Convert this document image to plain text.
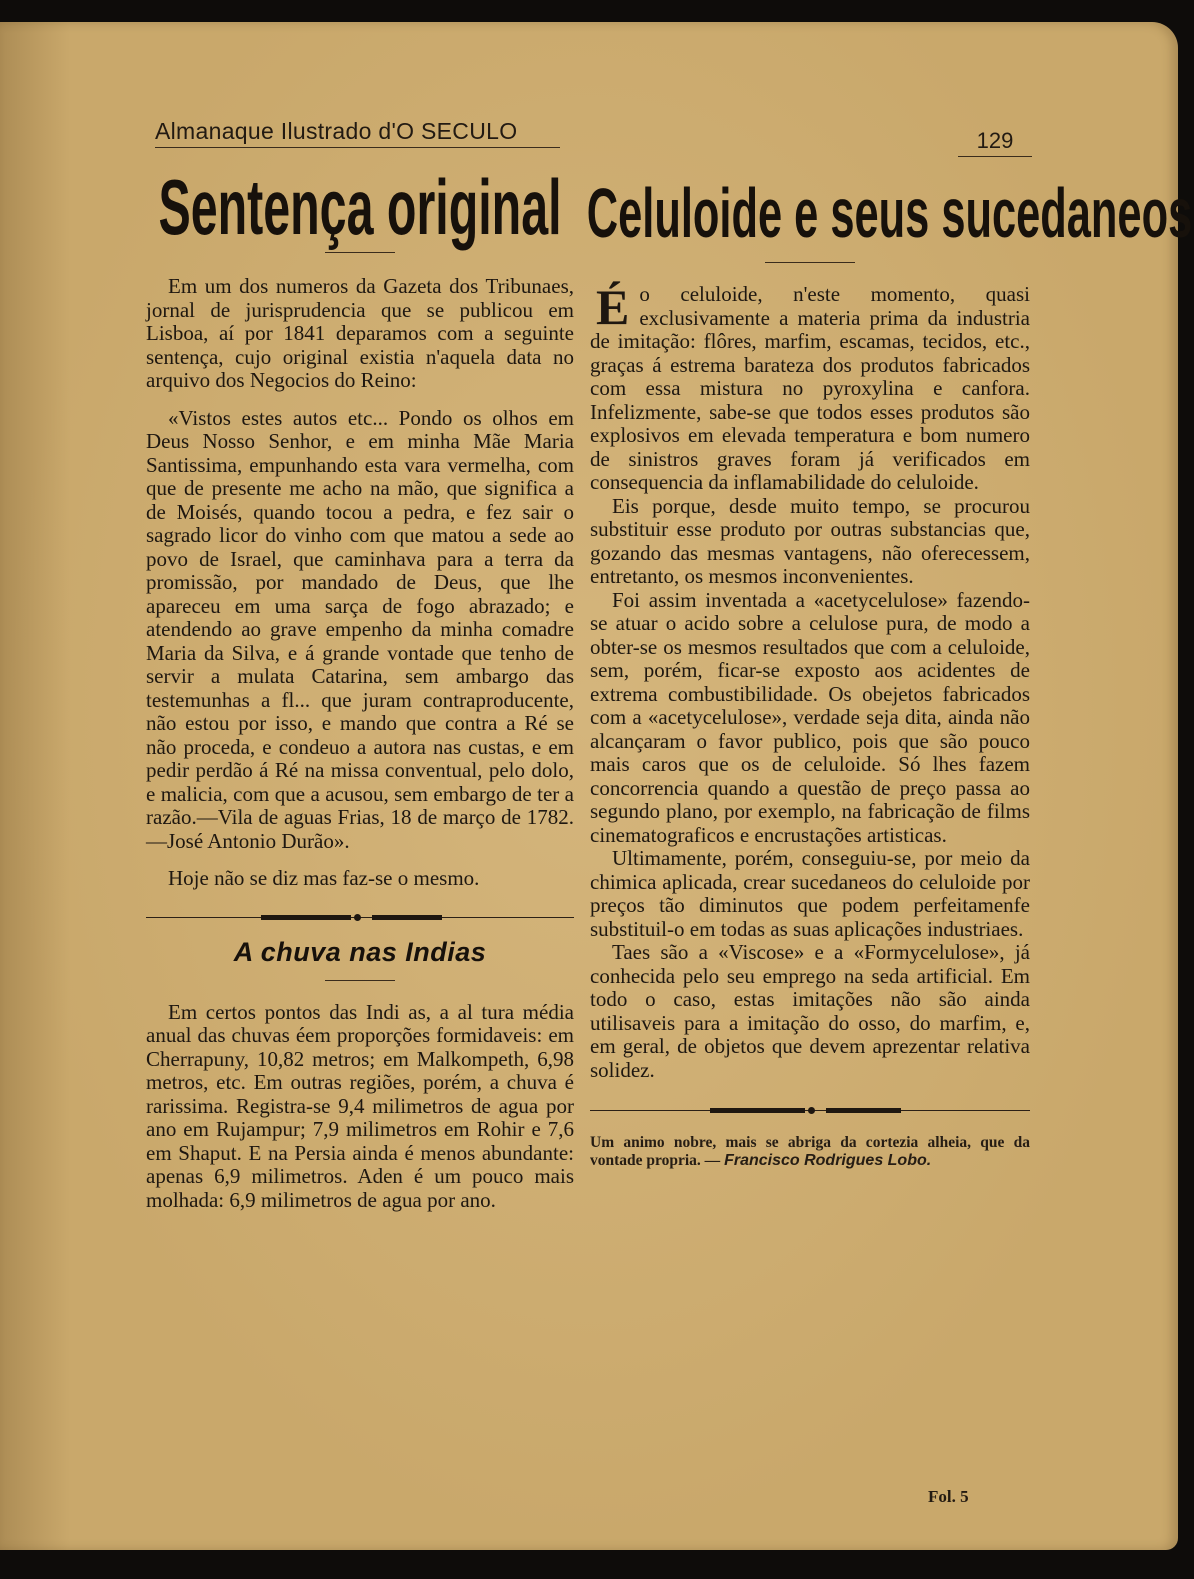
Almanaque Ilustrado d'O SECULO	129
Sentença original

Em um dos numeros da Gazeta dos Tribunaes, jornal de jurisprudencia que se publicou em Lisboa, aí por 1841 deparamos com a seguinte sentença, cujo original existia n'aquela data no arquivo dos Negocios do Reino:

«Vistos estes autos etc... Pondo os olhos em Deus Nosso Senhor, e em minha Mãe Maria Santissima, empunhando esta vara vermelha, com que de presente me acho na mão, que significa a de Moisés, quando tocou a pedra, e fez sair o sagrado licor do vinho com que matou a sede ao povo de Israel, que caminhava para a terra da promissão, por mandado de Deus, que lhe apareceu em uma sarça de fogo abrazado; e atendendo ao grave empenho da minha comadre Maria da Silva, e á grande vontade que tenho de servir a mulata Catarina, sem ambargo das testemunhas a fl... que juram contraproducente, não estou por isso, e mando que contra a Ré se não proceda, e condeuo a autora nas custas, e em pedir perdão á Ré na missa conventual, pelo dolo, e malicia, com que a acusou, sem embargo de ter a razão.—Vila de aguas Frias, 18 de março de 1782.—José Antonio Durão».

Hoje não se diz mas faz-se o mesmo.

A chuva nas Indias

Em certos pontos das Indi as, a al tura média anual das chuvas éem proporções formidaveis: em Cherrapuny, 10,82 metros; em Malkompeth, 6,98 metros, etc. Em outras regiões, porém, a chuva é rarissima. Registra-se 9,4 milimetros de agua por ano em Rujampur; 7,9 milimetros em Rohir e 7,6 em Shaput. E na Persia ainda é menos abundante: apenas 6,9 milimetros. Aden é um pouco mais molhada: 6,9 milimetros de agua por ano.

Celuloide e seus sucedaneos

Éo celuloide, n'este momento, quasi exclusivamente a materia prima da industria de imitação: flôres, marfim, escamas, tecidos, etc., graças á estrema barateza dos produtos fabricados com essa mistura no pyroxylina e canfora. Infelizmente, sabe-se que todos esses produtos são explosivos em elevada temperatura e bom numero de sinistros graves foram já verificados em consequencia da inflamabilidade do celuloide.

Eis porque, desde muito tempo, se procurou substituir esse produto por outras substancias que, gozando das mesmas vantagens, não oferecessem, entretanto, os mesmos inconvenientes.

Foi assim inventada a «acetycelulose» fazendo-se atuar o acido sobre a celulose pura, de modo a obter-se os mesmos resultados que com a celuloide, sem, porém, ficar-se exposto aos acidentes de extrema combustibilidade. Os obejetos fabricados com a «acetycelulose», verdade seja dita, ainda não alcançaram o favor publico, pois que são pouco mais caros que os de celuloide. Só lhes fazem concorrencia quando a questão de preço passa ao segundo plano, por exemplo, na fabricação de films cinematograficos e encrustações artisticas.

Ultimamente, porém, conseguiu-se, por meio da chimica aplicada, crear sucedaneos do celuloide por preços tão diminutos que podem perfeitamenfe substituil-o em todas as suas aplicações industriaes.

Taes são a «Viscose» e a «Formycelulose», já conhecida pelo seu emprego na seda artificial. Em todo o caso, estas imitações não são ainda utilisaveis para a imitação do osso, do marfim, e, em geral, de objetos que devem aprezentar relativa solidez.

Um animo nobre, mais se abriga da cortezia alheia, que da vontade propria. — Francisco Rodrigues Lobo.

Fol. 5
